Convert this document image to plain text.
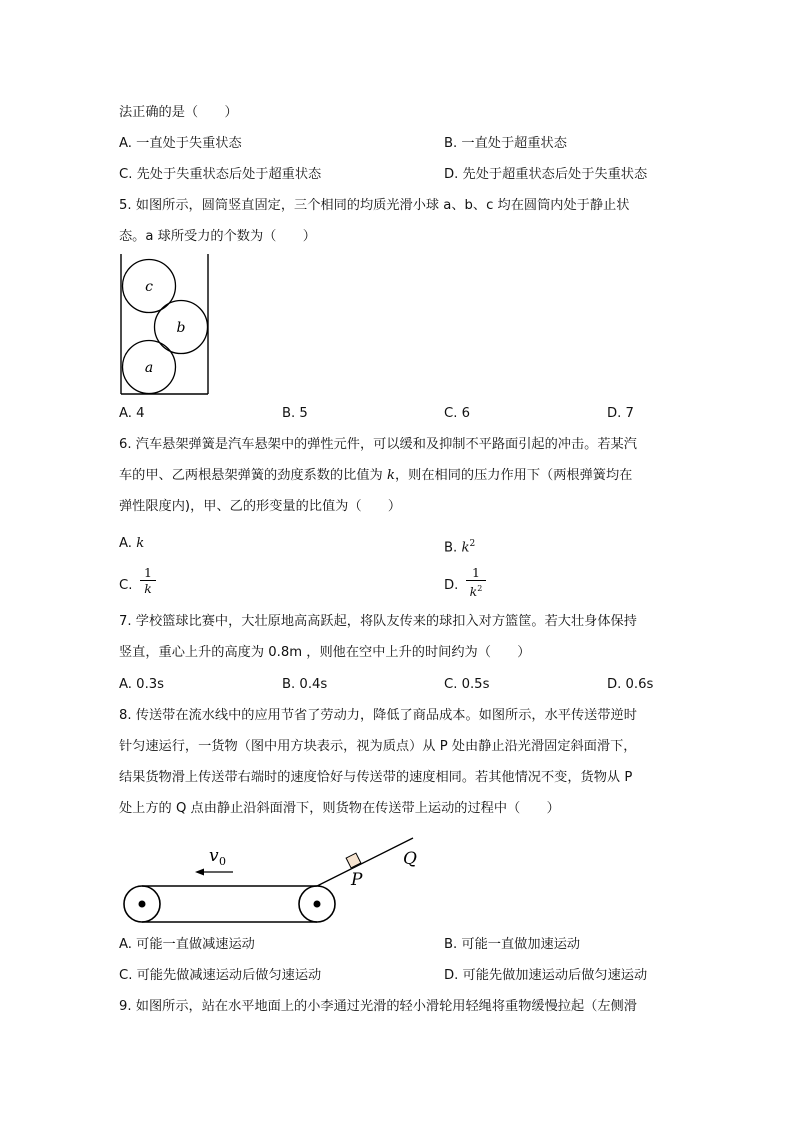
法正确的是（　　）
A. 一直处于失重状态	B. 一直处于超重状态
C. 先处于失重状态后处于超重状态	D. 先处于超重状态后处于失重状态
5. 如图所示，圆筒竖直固定，三个相同的均质光滑小球 a、b、c 均在圆筒内处于静止状
态。a 球所受力的个数为（　　）
c
b
a
A. 4	B. 5	C. 6	D. 7
6. 汽车悬架弹簧是汽车悬架中的弹性元件，可以缓和及抑制不平路面引起的冲击。若某汽
车的甲、乙两根悬架弹簧的劲度系数的比值为 k，则在相同的压力作用下（两根弹簧均在
弹性限度内)，甲、乙的形变量的比值为（　　）
A. k	B. $k^2$
C.
1
k	D.
1
$k^2$
7. 学校篮球比赛中，大壮原地高高跃起，将队友传来的球扣入对方篮筐。若大壮身体保持
竖直，重心上升的高度为 0.8m ，则他在空中上升的时间约为（　　）
A. 0.3s	B. 0.4s	C. 0.5s	D. 0.6s
8. 传送带在流水线中的应用节省了劳动力，降低了商品成本。如图所示，水平传送带逆时
针匀速运行，一货物（图中用方块表示，视为质点）从 P 处由静止沿光滑固定斜面滑下，
结果货物滑上传送带右端时的速度恰好与传送带的速度相同。若其他情况不变，货物从 P
处上方的 Q 点由静止沿斜面滑下，则货物在传送带上运动的过程中（　　）
v 0
P
Q
A. 可能一直做减速运动	B. 可能一直做加速运动
C. 可能先做减速运动后做匀速运动	D. 可能先做加速运动后做匀速运动
9. 如图所示，站在水平地面上的小李通过光滑的轻小滑轮用轻绳将重物缓慢拉起（左侧滑
